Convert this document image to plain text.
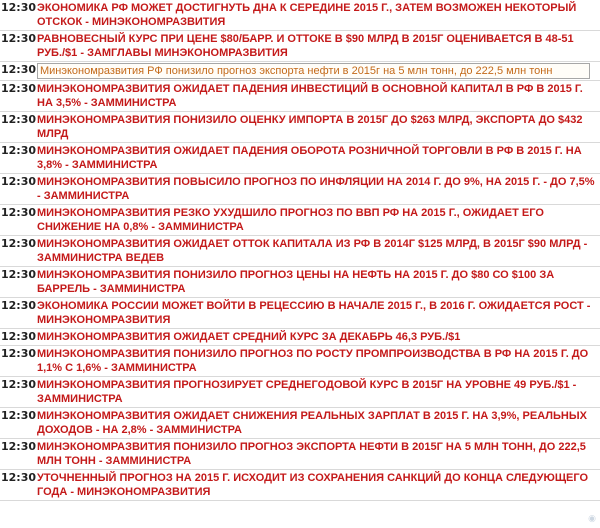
12:30 ЭКОНОМИКА РФ МОЖЕТ ДОСТИГНУТЬ ДНА К СЕРЕДИНЕ 2015 Г., ЗАТЕМ ВОЗМОЖЕН НЕКОТОРЫЙ ОТСКОК - МИНЭКОНОМРАЗВИТИЯ
12:30 РАВНОВЕСНЫЙ КУРС ПРИ ЦЕНЕ $80/БАРР. И ОТТОКЕ В $90 МЛРД В 2015Г ОЦЕНИВАЕТСЯ В 48-51 РУБ./$1 - ЗАМГЛАВЫ МИНЭКОНОМРАЗВИТИЯ
12:30 Минэкономразвития РФ понизило прогноз экспорта нефти в 2015г на 5 млн тонн, до 222,5 млн тонн
12:30 МИНЭКОНОМРАЗВИТИЯ ОЖИДАЕТ ПАДЕНИЯ ИНВЕСТИЦИЙ В ОСНОВНОЙ КАПИТАЛ В РФ В 2015 Г. НА 3,5% - ЗАММИНИСТРА
12:30 МИНЭКОНОМРАЗВИТИЯ ПОНИЗИЛО ОЦЕНКУ ИМПОРТА В 2015Г ДО $263 МЛРД, ЭКСПОРТА ДО $432 МЛРД
12:30 МИНЭКОНОМРАЗВИТИЯ ОЖИДАЕТ ПАДЕНИЯ ОБОРОТА РОЗНИЧНОЙ ТОРГОВЛИ В РФ В 2015 Г. НА 3,8% - ЗАММИНИСТРА
12:30 МИНЭКОНОМРАЗВИТИЯ ПОВЫСИЛО ПРОГНОЗ ПО ИНФЛЯЦИИ НА 2014 Г. ДО 9%, НА 2015 Г. - ДО 7,5% - ЗАММИНИСТРА
12:30 МИНЭКОНОМРАЗВИТИЯ РЕЗКО УХУДШИЛО ПРОГНОЗ ПО ВВП РФ НА 2015 Г., ОЖИДАЕТ ЕГО СНИЖЕНИЕ НА 0,8% - ЗАММИНИСТРА
12:30 МИНЭКОНОМРАЗВИТИЯ ОЖИДАЕТ ОТТОК КАПИТАЛА ИЗ РФ В 2014Г $125 МЛРД, В 2015Г $90 МЛРД - ЗАММИНИСТРА ВЕДЕВ
12:30 МИНЭКОНОМРАЗВИТИЯ ПОНИЗИЛО ПРОГНОЗ ЦЕНЫ НА НЕФТЬ НА 2015 Г. ДО $80 СО $100 ЗА БАРРЕЛЬ - ЗАММИНИСТРА
12:30 ЭКОНОМИКА РОССИИ МОЖЕТ ВОЙТИ В РЕЦЕССИЮ В НАЧАЛЕ 2015 Г., В 2016 Г. ОЖИДАЕТСЯ РОСТ - МИНЭКОНОМРАЗВИТИЯ
12:30 МИНЭКОНОМРАЗВИТИЯ ОЖИДАЕТ СРЕДНИЙ КУРС ЗА ДЕКАБРЬ 46,3 РУБ./$1
12:30 МИНЭКОНОМРАЗВИТИЯ ПОНИЗИЛО ПРОГНОЗ ПО РОСТУ ПРОМПРОИЗВОДСТВА В РФ НА 2015 Г. ДО 1,1% С 1,6% - ЗАММИНИСТРА
12:30 МИНЭКОНОМРАЗВИТИЯ ПРОГНОЗИРУЕТ СРЕДНЕГОДОВОЙ КУРС В 2015Г НА УРОВНЕ 49 РУБ./$1 - ЗАММИНИСТРА
12:30 МИНЭКОНОМРАЗВИТИЯ ОЖИДАЕТ СНИЖЕНИЯ РЕАЛЬНЫХ ЗАРПЛАТ В 2015 Г. НА 3,9%, РЕАЛЬНЫХ ДОХОДОВ - НА 2,8% - ЗАММИНИСТРА
12:30 МИНЭКОНОМРАЗВИТИЯ ПОНИЗИЛО ПРОГНОЗ ЭКСПОРТА НЕФТИ В 2015Г НА 5 МЛН ТОНН, ДО 222,5 МЛН ТОНН - ЗАММИНИСТРА
12:30 УТОЧНЕННЫЙ ПРОГНОЗ НА 2015 Г. ИСХОДИТ ИЗ СОХРАНЕНИЯ САНКЦИЙ ДО КОНЦА СЛЕДУЮЩЕГО ГОДА - МИНЭКОНОМРАЗВИТИЯ
◉
